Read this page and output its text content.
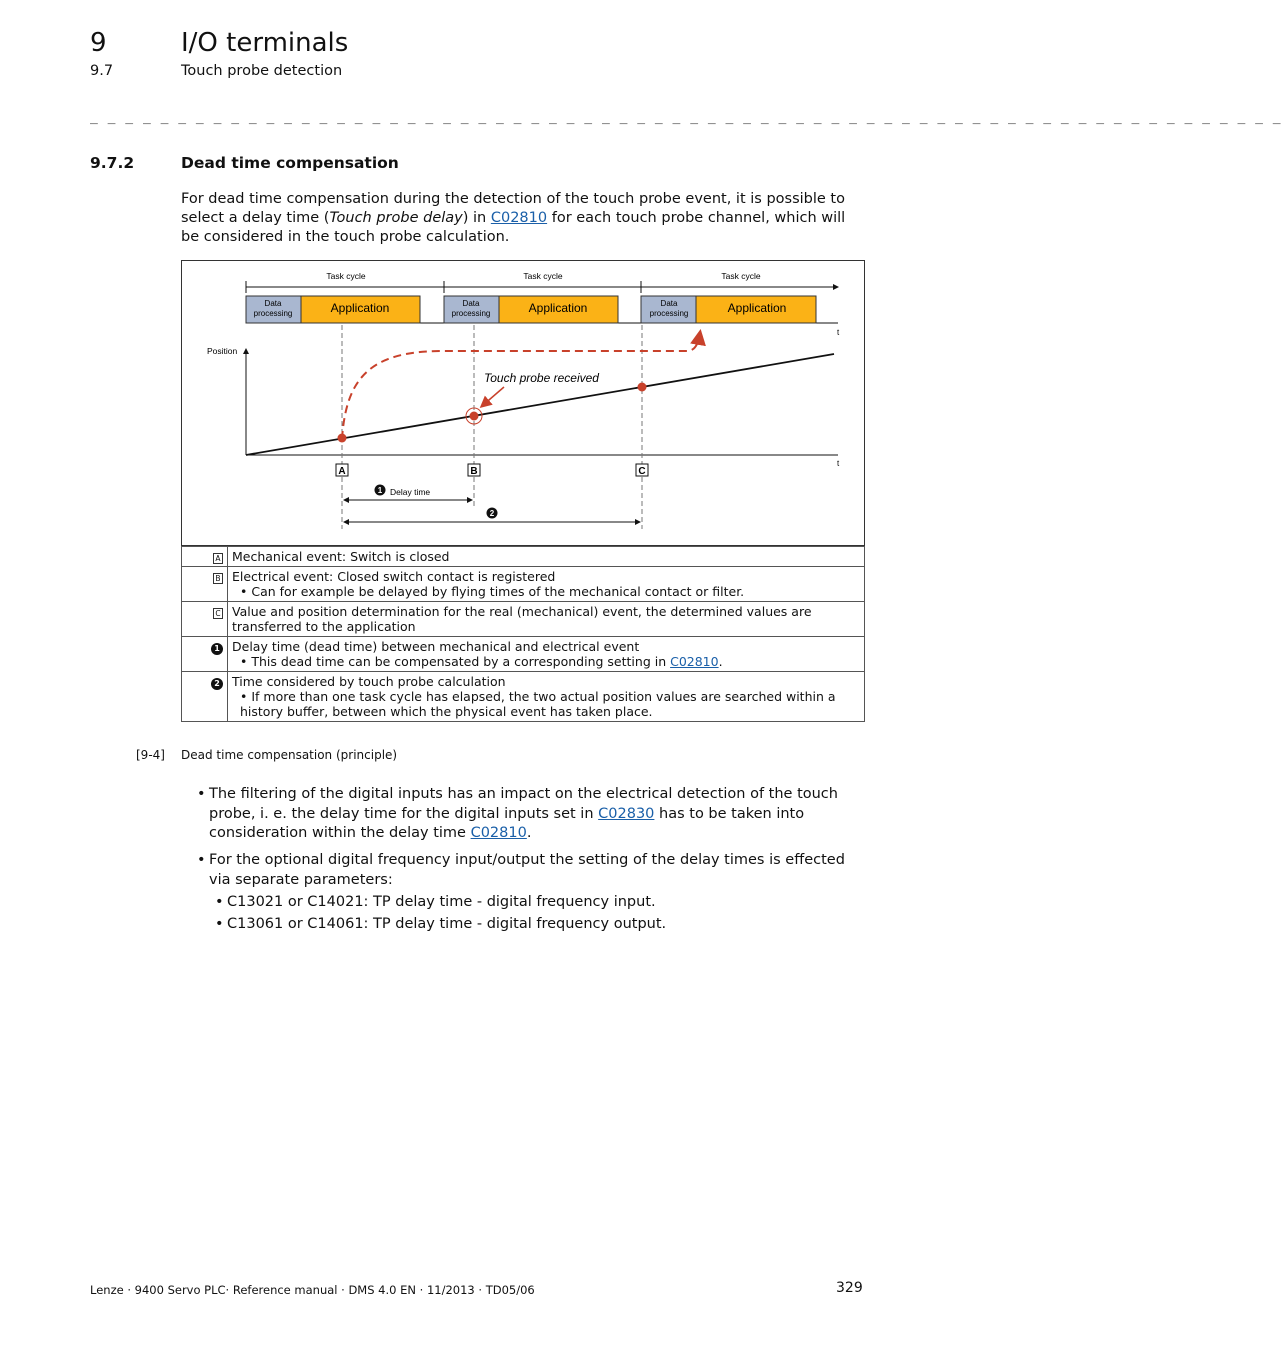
9	I/O terminals
9.7	Touch probe detection
_ _ _ _ _ _ _ _ _ _ _ _ _ _ _ _ _ _ _ _ _ _ _ _ _ _ _ _ _ _ _ _ _ _ _ _ _ _ _ _ _ _ _ _ _ _ _ _ _ _ _ _ _ _ _ _ _ _ _ _ _ _ _ _ _ _ _ _
9.7.2	Dead time compensation
For dead time compensation during the detection of the touch probe event, it is possible to select a delay time (Touch probe delay) in C02810 for each touch probe channel, which will be considered in the touch probe calculation.
Task cycle	Task cycle	Task cycle
t
Data
processing	Application	Data
processing	Application	Data
processing	Application
Position
t
Touch probe received
A	B	C
1 Delay time
2
A	Mechanical event: Switch is closed

B	Electrical event: Closed switch contact is registered
• Can for example be delayed by flying times of the mechanical contact or filter.

C	Value and position determination for the real (mechanical) event, the determined values are transferred to the application

1	Delay time (dead time) between mechanical and electrical event
• This dead time can be compensated by a corresponding setting in C02810.

2	Time considered by touch probe calculation
• If more than one task cycle has elapsed, the two actual position values are searched within a history buffer, between which the physical event has taken place.
[9-4] Dead time compensation (principle)
• The filtering of the digital inputs has an impact on the electrical detection of the touch probe, i. e. the delay time for the digital inputs set in C02830 has to be taken into consideration within the delay time C02810.
• For the optional digital frequency input/output the setting of the delay times is effected via separate parameters:
• C13021 or C14021: TP delay time - digital frequency input.
• C13061 or C14061: TP delay time - digital frequency output.
Lenze · 9400 Servo PLC· Reference manual · DMS 4.0 EN · 11/2013 · TD05/06	329
